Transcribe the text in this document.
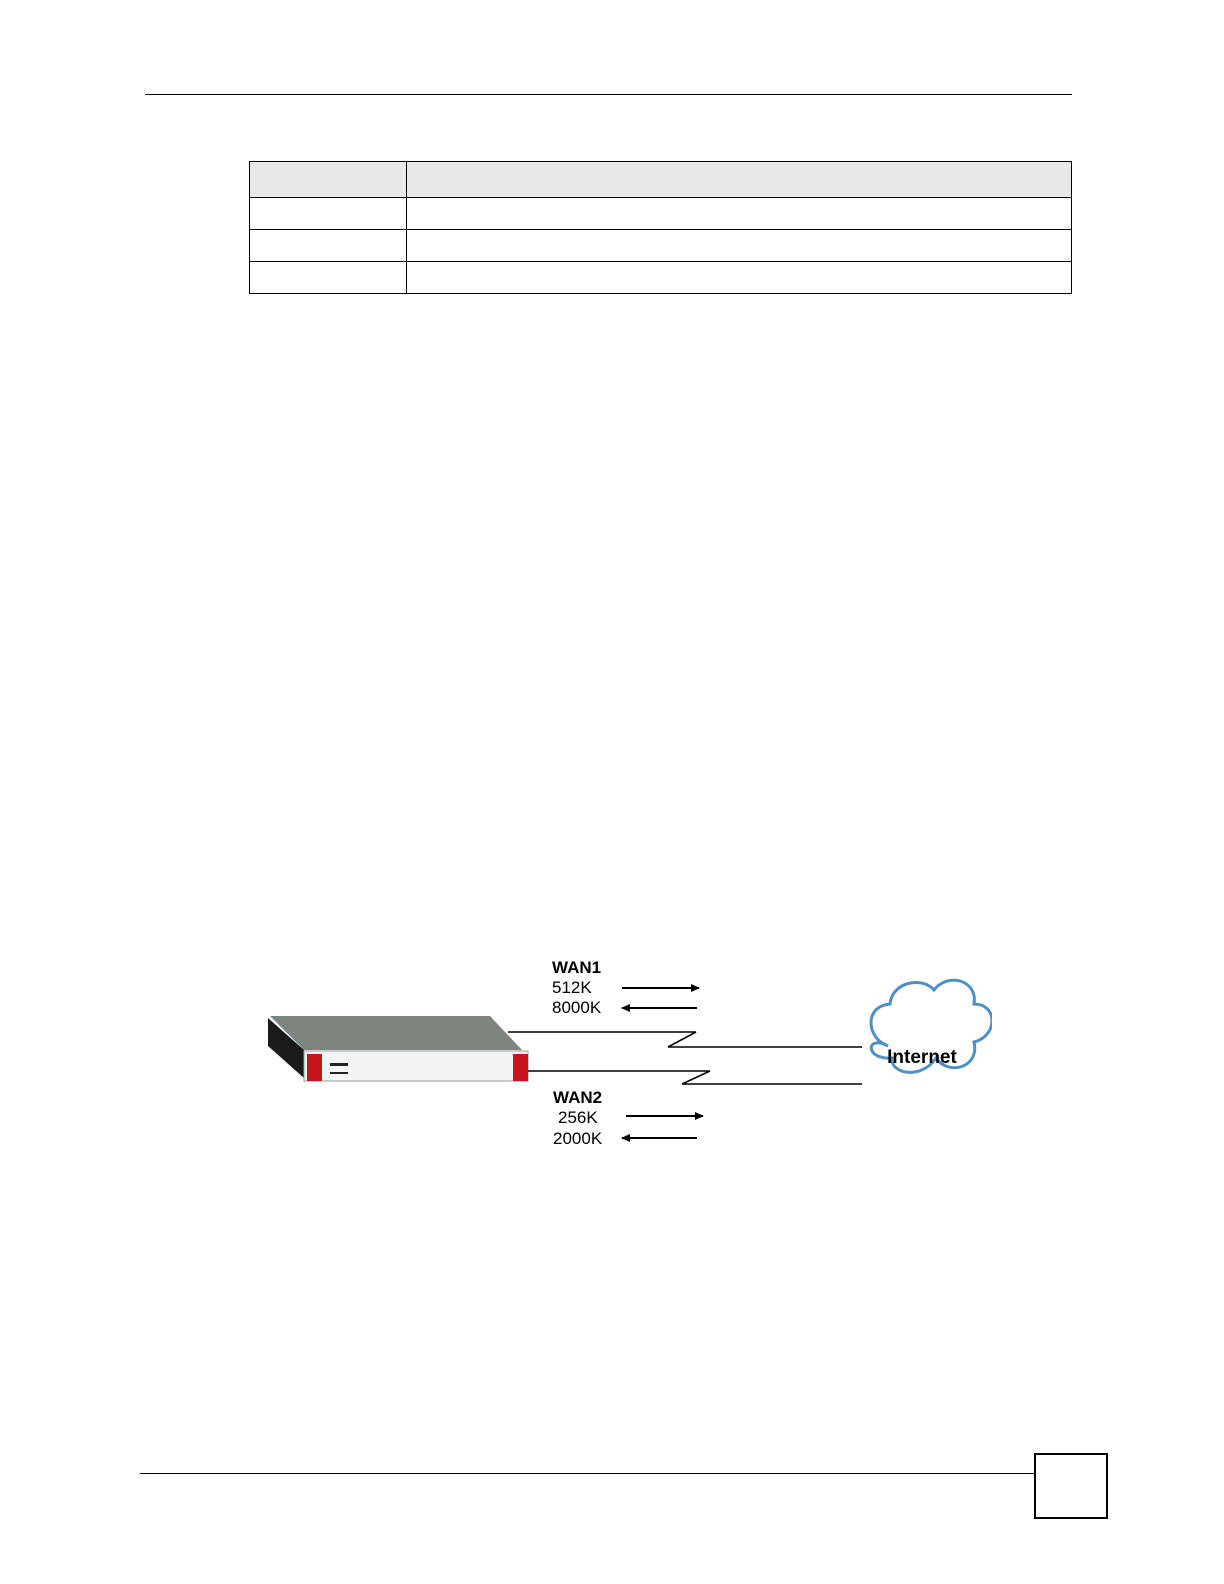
Internet
WAN1
512K
8000K
WAN2
256K
2000K
